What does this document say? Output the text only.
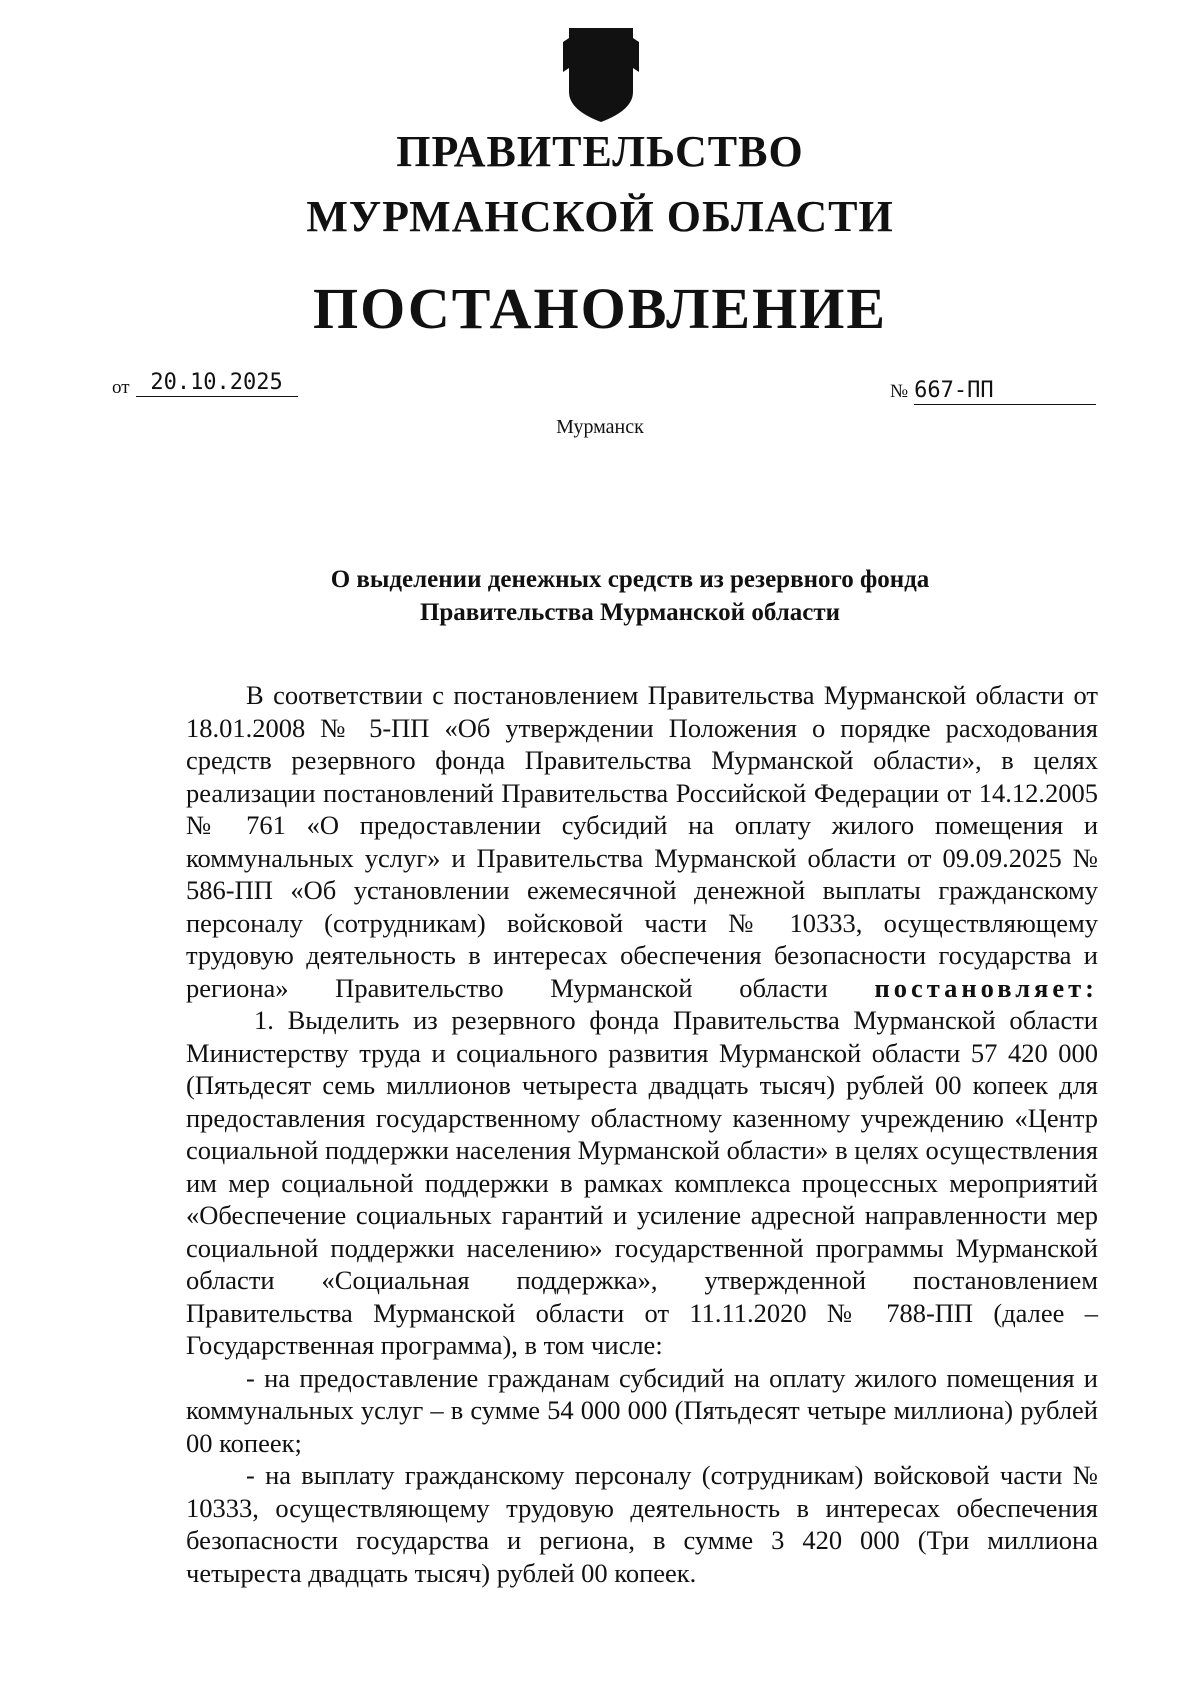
ПРАВИТЕЛЬСТВО
МУРМАНСКОЙ ОБЛАСТИ
ПОСТАНОВЛЕНИЕ
от 20.10.2025	№ 667-ПП
Мурманск
О выделении денежных средств из резервного фонда
Правительства Мурманской области

В соответствии с постановлением Правительства Мурманской области от 18.01.2008 № 5-ПП «Об утверждении Положения о порядке расходования средств резервного фонда Правительства Мурманской области», в целях реализации постановлений Правительства Российской Федерации от 14.12.2005 № 761 «О предоставлении субсидий на оплату жилого помещения и коммунальных услуг» и Правительства Мурманской области от 09.09.2025 № 586-ПП «Об установлении ежемесячной денежной выплаты гражданскому персоналу (сотрудникам) войсковой части № 10333, осуществляющему трудовую деятельность в интересах обеспечения безопасности государства и региона» Правительство Мурманской области постановляет:

1. Выделить из резервного фонда Правительства Мурманской области Министерству труда и социального развития Мурманской области 57 420 000 (Пятьдесят семь миллионов четыреста двадцать тысяч) рублей 00 копеек для предоставления государственному областному казенному учреждению «Центр социальной поддержки населения Мурманской области» в целях осуществления им мер социальной поддержки в рамках комплекса процессных мероприятий «Обеспечение социальных гарантий и усиление адресной направленности мер социальной поддержки населению» государственной программы Мурманской области «Социальная поддержка», утвержденной постановлением Правительства Мурманской области от 11.11.2020 № 788-ПП (далее – Государственная программа), в том числе:

- на предоставление гражданам субсидий на оплату жилого помещения и коммунальных услуг – в сумме 54 000 000 (Пятьдесят четыре миллиона) рублей 00 копеек;

- на выплату гражданскому персоналу (сотрудникам) войсковой части № 10333, осуществляющему трудовую деятельность в интересах обеспечения безопасности государства и региона, в сумме 3 420 000 (Три миллиона четыреста двадцать тысяч) рублей 00 копеек.
